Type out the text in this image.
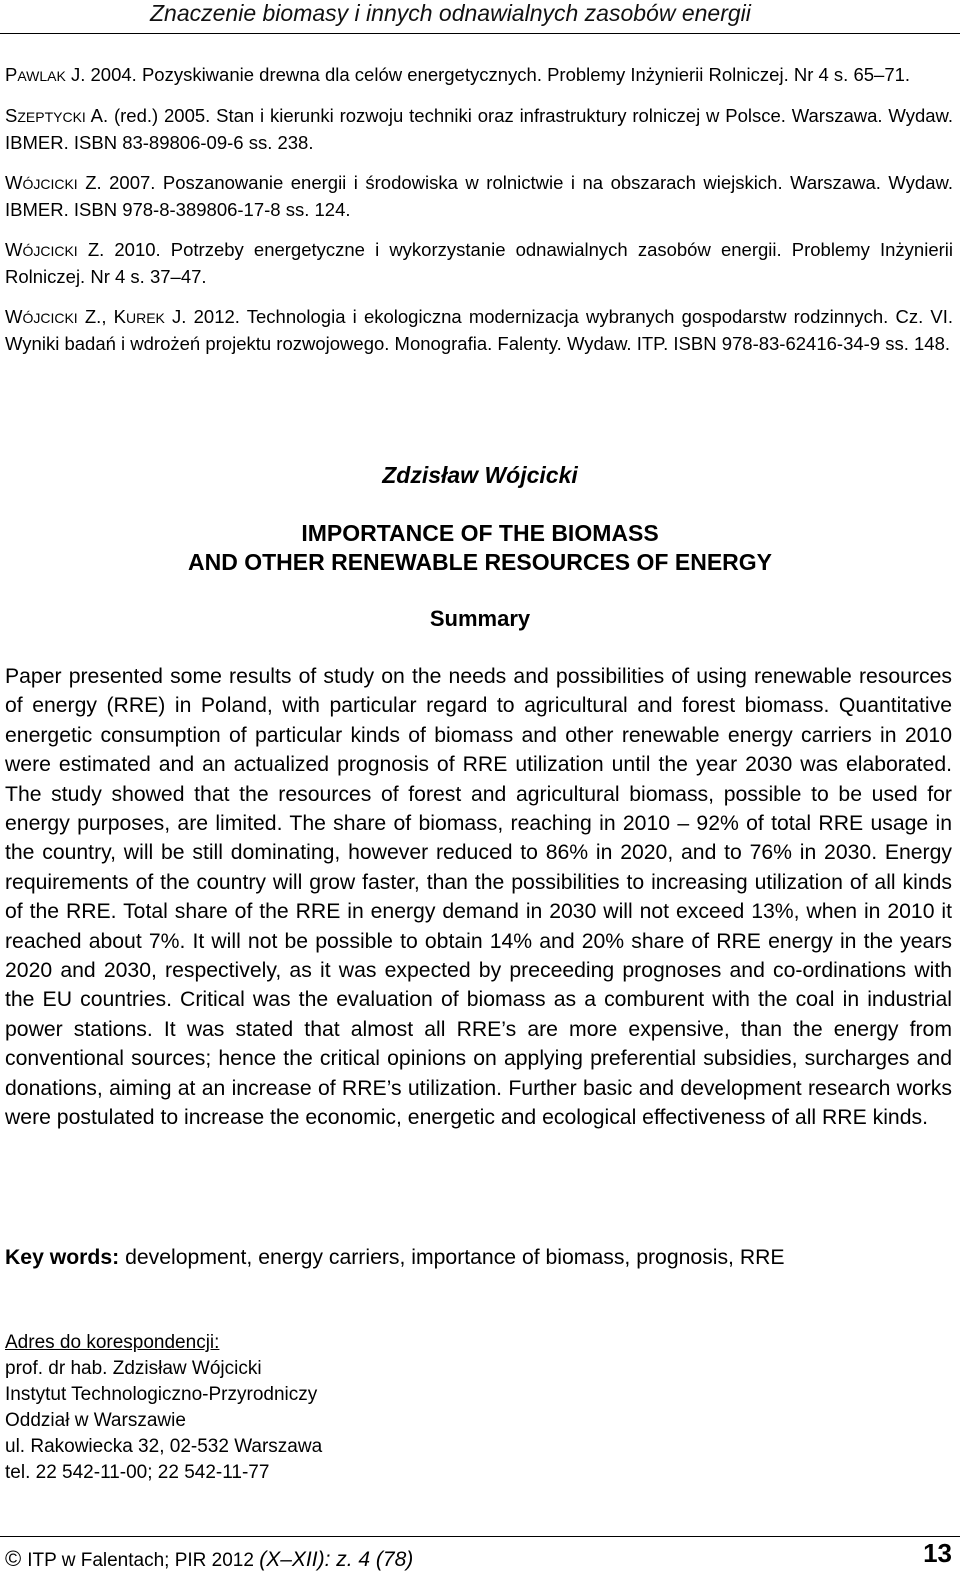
Znaczenie biomasy i innych odnawialnych zasobów energii

PAWLAK J. 2004. Pozyskiwanie drewna dla celów energetycznych. Problemy Inżynierii Rolniczej. Nr 4 s. 65–71.

SZEPTYCKI A. (red.) 2005. Stan i kierunki rozwoju techniki oraz infrastruktury rolniczej w Polsce. Warszawa. Wydaw. IBMER. ISBN 83-89806-09-6 ss. 238.

WÓJCICKI Z. 2007. Poszanowanie energii i środowiska w rolnictwie i na obszarach wiejskich. Warszawa. Wydaw. IBMER. ISBN 978-8-389806-17-8 ss. 124.

WÓJCICKI Z. 2010. Potrzeby energetyczne i wykorzystanie odnawialnych zasobów energii. Problemy Inżynierii Rolniczej. Nr 4 s. 37–47.

WÓJCICKI Z., KUREK J. 2012. Technologia i ekologiczna modernizacja wybranych gospodarstw rodzinnych. Cz. VI. Wyniki badań i wdrożeń projektu rozwojowego. Monografia. Falenty. Wydaw. ITP. ISBN 978-83-62416-34-9 ss. 148.

Zdzisław Wójcicki
IMPORTANCE OF THE BIOMASS
AND OTHER RENEWABLE RESOURCES OF ENERGY
Summary

Paper presented some results of study on the needs and possibilities of using renewable resources of energy (RRE) in Poland, with particular regard to agricultural and forest biomass. Quantitative energetic consumption of particular kinds of biomass and other renewable energy carriers in 2010 were estimated and an actualized prognosis of RRE utilization until the year 2030 was elaborated. The study showed that the resources of forest and agricultural biomass, possible to be used for energy purposes, are limited. The share of biomass, reaching in 2010 – 92% of total RRE usage in the country, will be still dominating, however reduced to 86% in 2020, and to 76% in 2030. Energy requirements of the country will grow faster, than the possibilities to increasing utilization of all kinds of the RRE. Total share of the RRE in energy demand in 2030 will not exceed 13%, when in 2010 it reached about 7%. It will not be possible to obtain 14% and 20% share of RRE energy in the years 2020 and 2030, respectively, as it was expected by preceeding prognoses and co-ordinations with the EU countries. Critical was the evaluation of biomass as a comburent with the coal in industrial power stations. It was stated that almost all RRE’s are more expensive, than the energy from conventional sources; hence the critical opinions on applying preferential subsidies, surcharges and donations, aiming at an increase of RRE’s utilization. Further basic and development research works were postulated to increase the economic, energetic and ecological effectiveness of all RRE kinds.

Key words: development, energy carriers, importance of biomass, prognosis, RRE

Adres do korespondencji:
prof. dr hab. Zdzisław Wójcicki
Instytut Technologiczno-Przyrodniczy
Oddział w Warszawie
ul. Rakowiecka 32, 02-532 Warszawa
tel. 22 542-11-00; 22 542-11-77
© ITP w Falentach; PIR 2012 (X–XII): z. 4 (78)	13
